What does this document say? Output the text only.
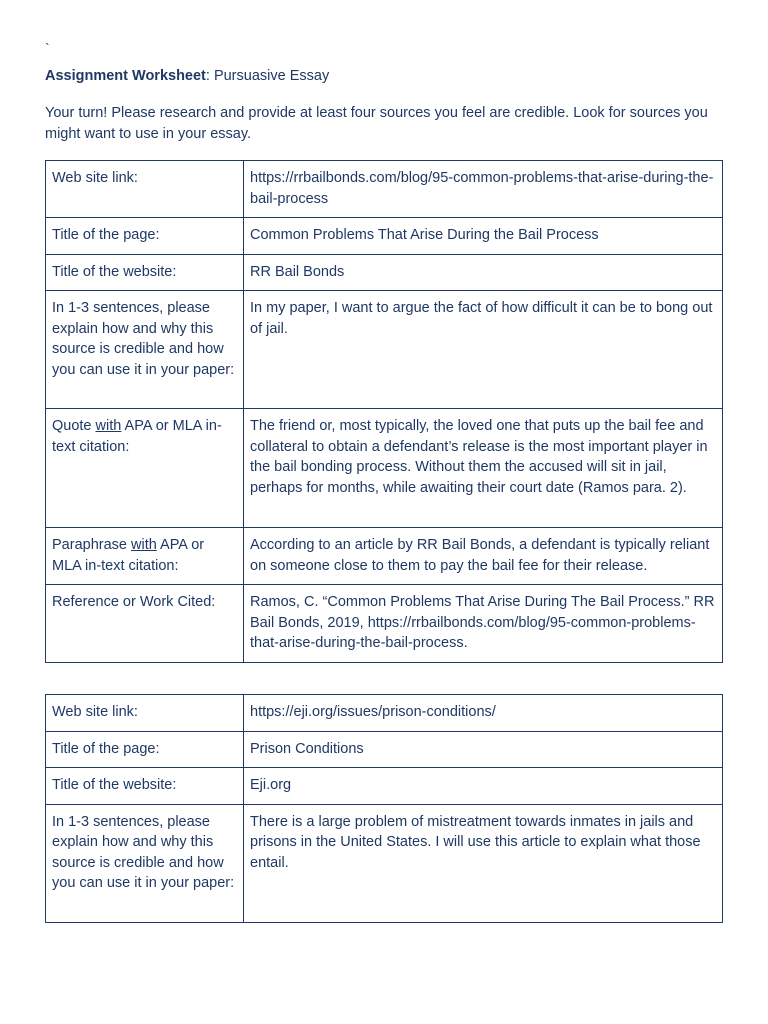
`
Assignment Worksheet: Pursuasive Essay
Your turn! Please research and provide at least four sources you feel are credible. Look for sources you might want to use in your essay.
Web site link:	https://rrbailbonds.com/blog/95-common-problems-that-arise-during-the-bail-process
Title of the page:	Common Problems That Arise During the Bail Process
Title of the website:	RR Bail Bonds
In 1-3 sentences, please explain how and why this source is credible and how you can use it in your paper:	In my paper, I want to argue the fact of how difficult it can be to bong out of jail.
Quote with APA or MLA in-text citation:	The friend or, most typically, the loved one that puts up the bail fee and collateral to obtain a defendant’s release is the most important player in the bail bonding process. Without them the accused will sit in jail, perhaps for months, while awaiting their court date (Ramos para. 2).
Paraphrase with APA or MLA in-text citation:	According to an article by RR Bail Bonds, a defendant is typically reliant on someone close to them to pay the bail fee for their release.
Reference or Work Cited:	Ramos, C. “Common Problems That Arise During The Bail Process.” RR Bail Bonds, 2019, https://rrbailbonds.com/blog/95-common-problems-that-arise-during-the-bail-process.
Web site link:	https://eji.org/issues/prison-conditions/
Title of the page:	Prison Conditions
Title of the website:	Eji.org
In 1-3 sentences, please explain how and why this source is credible and how you can use it in your paper:	There is a large problem of mistreatment towards inmates in jails and prisons in the United States. I will use this article to explain what those entail.
